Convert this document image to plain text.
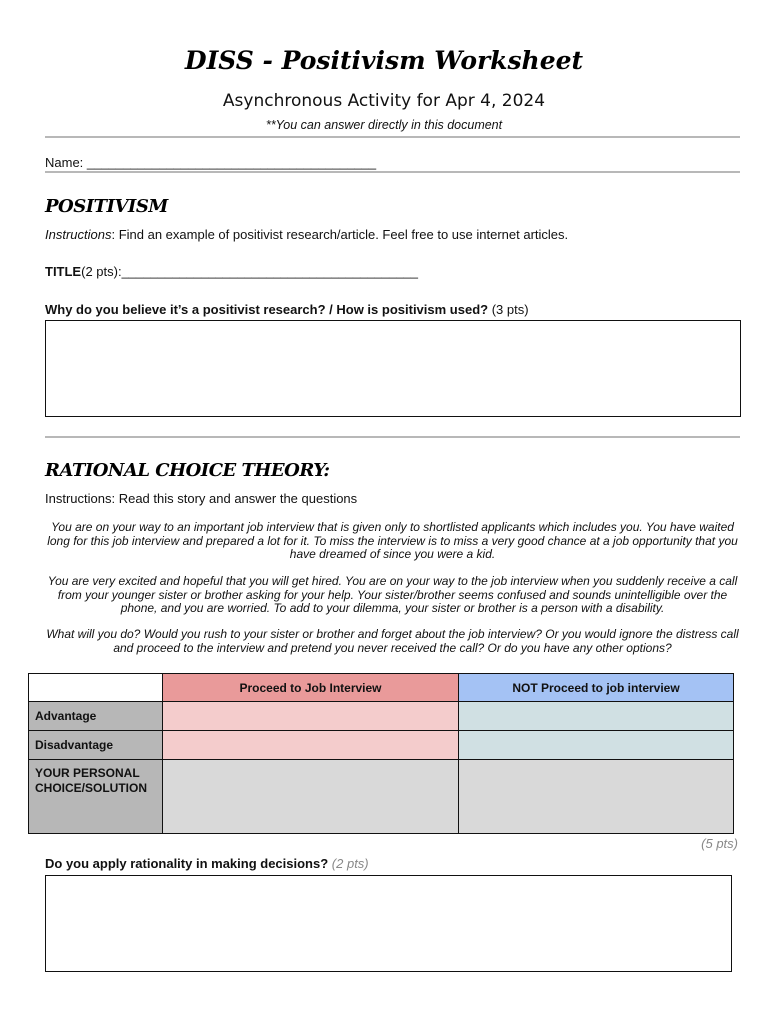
DISS - Positivism Worksheet
Asynchronous Activity for Apr 4, 2024
**You can answer directly in this document
Name: ________________________________________
POSITIVISM
Instructions: Find an example of positivist research/article. Feel free to use internet articles.
TITLE(2 pts):_________________________________________
Why do you believe it’s a positivist research? / How is positivism used? (3 pts)
RATIONAL CHOICE THEORY:
Instructions: Read this story and answer the questions
You are on your way to an important job interview that is given only to shortlisted applicants which includes you. You have waited long for this job interview and prepared a lot for it. To miss the interview is to miss a very good chance at a job opportunity that you have dreamed of since you were a kid.
You are very excited and hopeful that you will get hired. You are on your way to the job interview when you suddenly receive a call from your younger sister or brother asking for your help. Your sister/brother seems confused and sounds unintelligible over the phone, and you are worried. To add to your dilemma, your sister or brother is a person with a disability.
What will you do? Would you rush to your sister or brother and forget about the job interview? Or you would ignore the distress call and proceed to the interview and pretend you never received the call? Or do you have any other options?
	Proceed to Job Interview	NOT Proceed to job interview
Advantage		
Disadvantage		
YOUR PERSONAL CHOICE/SOLUTION		
(5 pts)
Do you apply rationality in making decisions? (2 pts)
